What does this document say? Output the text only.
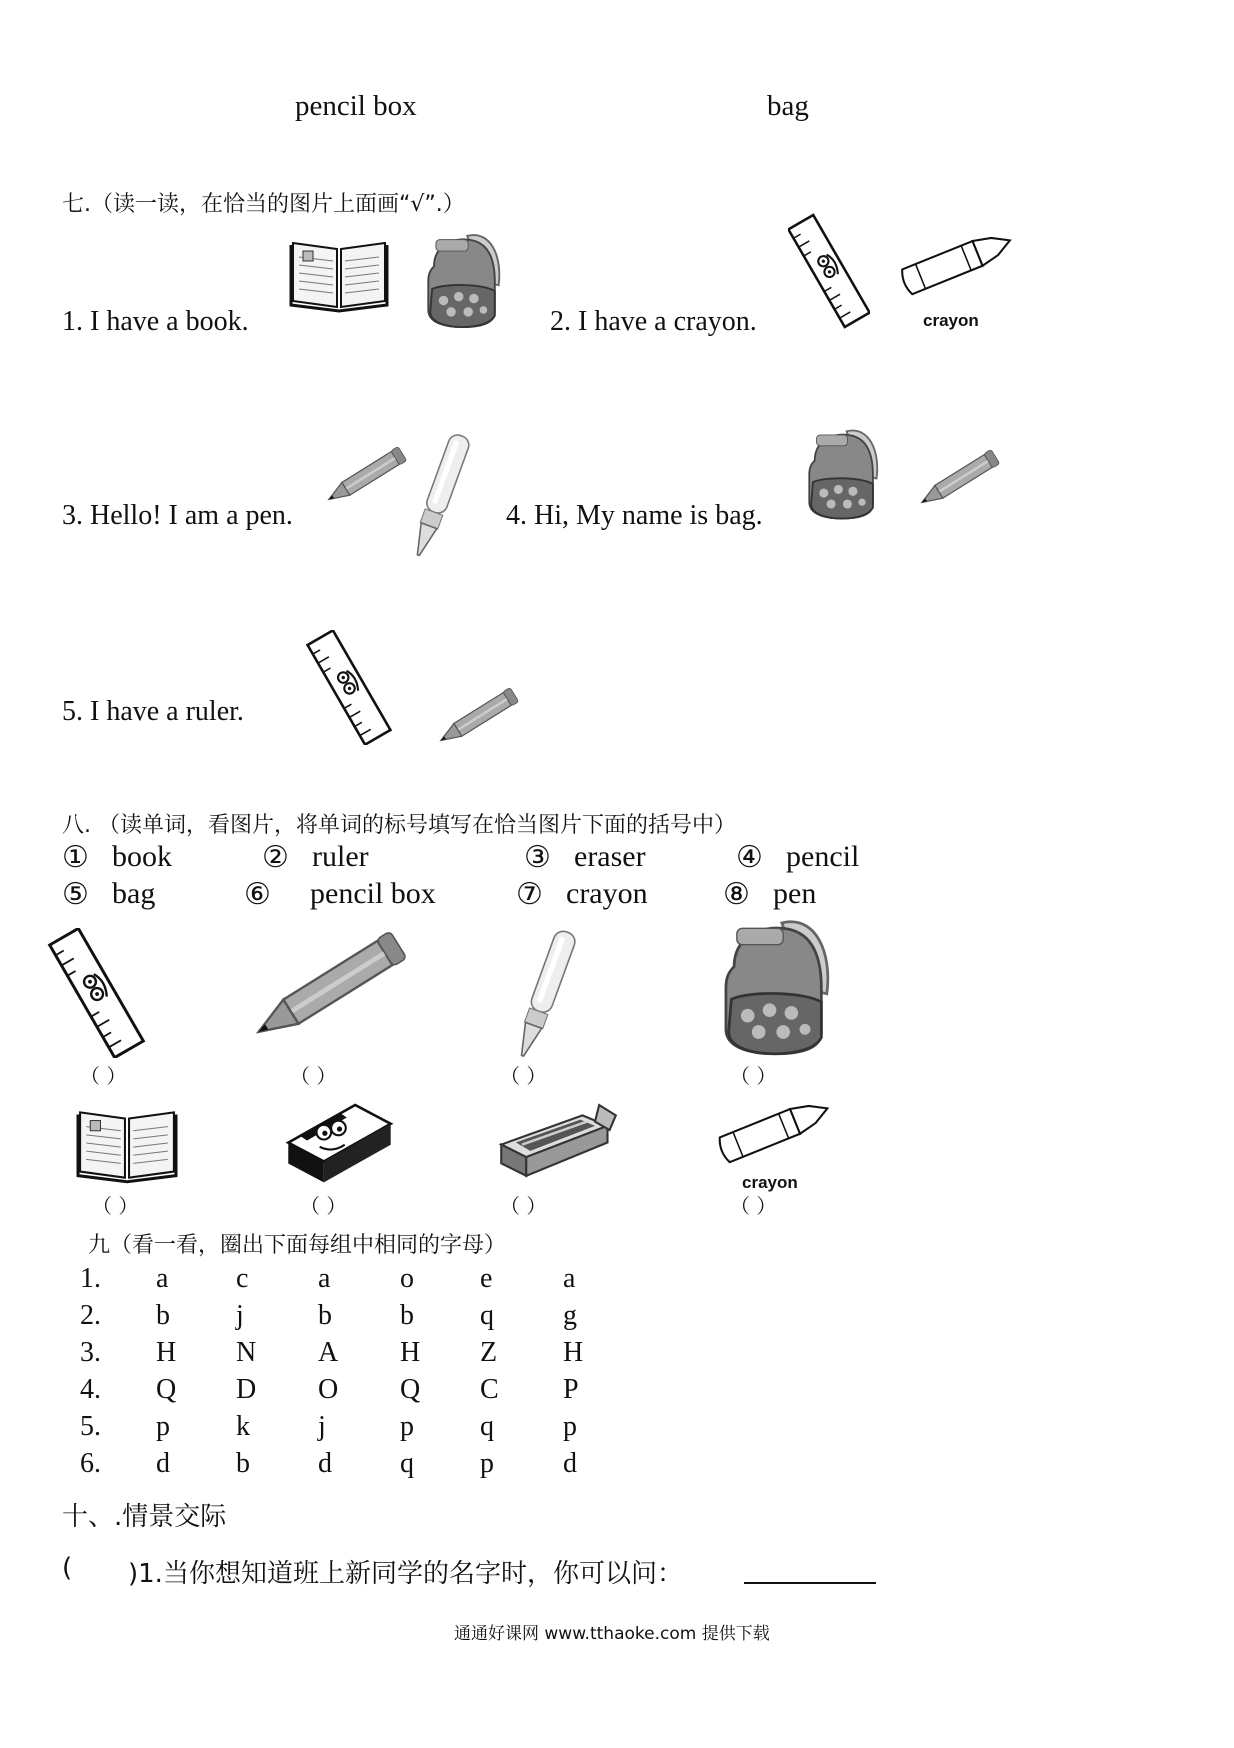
pencil box	bag
七.（读一读，在恰当的图片上面画“√”.）
1. I have a book.	2. I have a crayon.	crayon
3. Hello! I am a pen.	4. Hi, My name is bag.
5. I have a ruler.
八. （读单词，看图片，将单词的标号填写在恰当图片下面的括号中）
① book	② ruler	③ eraser	④ pencil
⑤ bag	⑥ pencil box	⑦ crayon	⑧ pen
（ ）	（ ）	（ ）	（ ）
crayon
（ ）	（ ）	（ ）	（ ）
九（看一看，圈出下面每组中相同的字母）
1. a c a o e	a
2. b j	b b q g
3. H N A H Z H
4. Q D O Q C P
5. p k j	p q p
6. d b d q p d
十、.情景交际
( )1.当你想知道班上新同学的名字时，你可以问：
通通好课网 www.tthaoke.com 提供下载
